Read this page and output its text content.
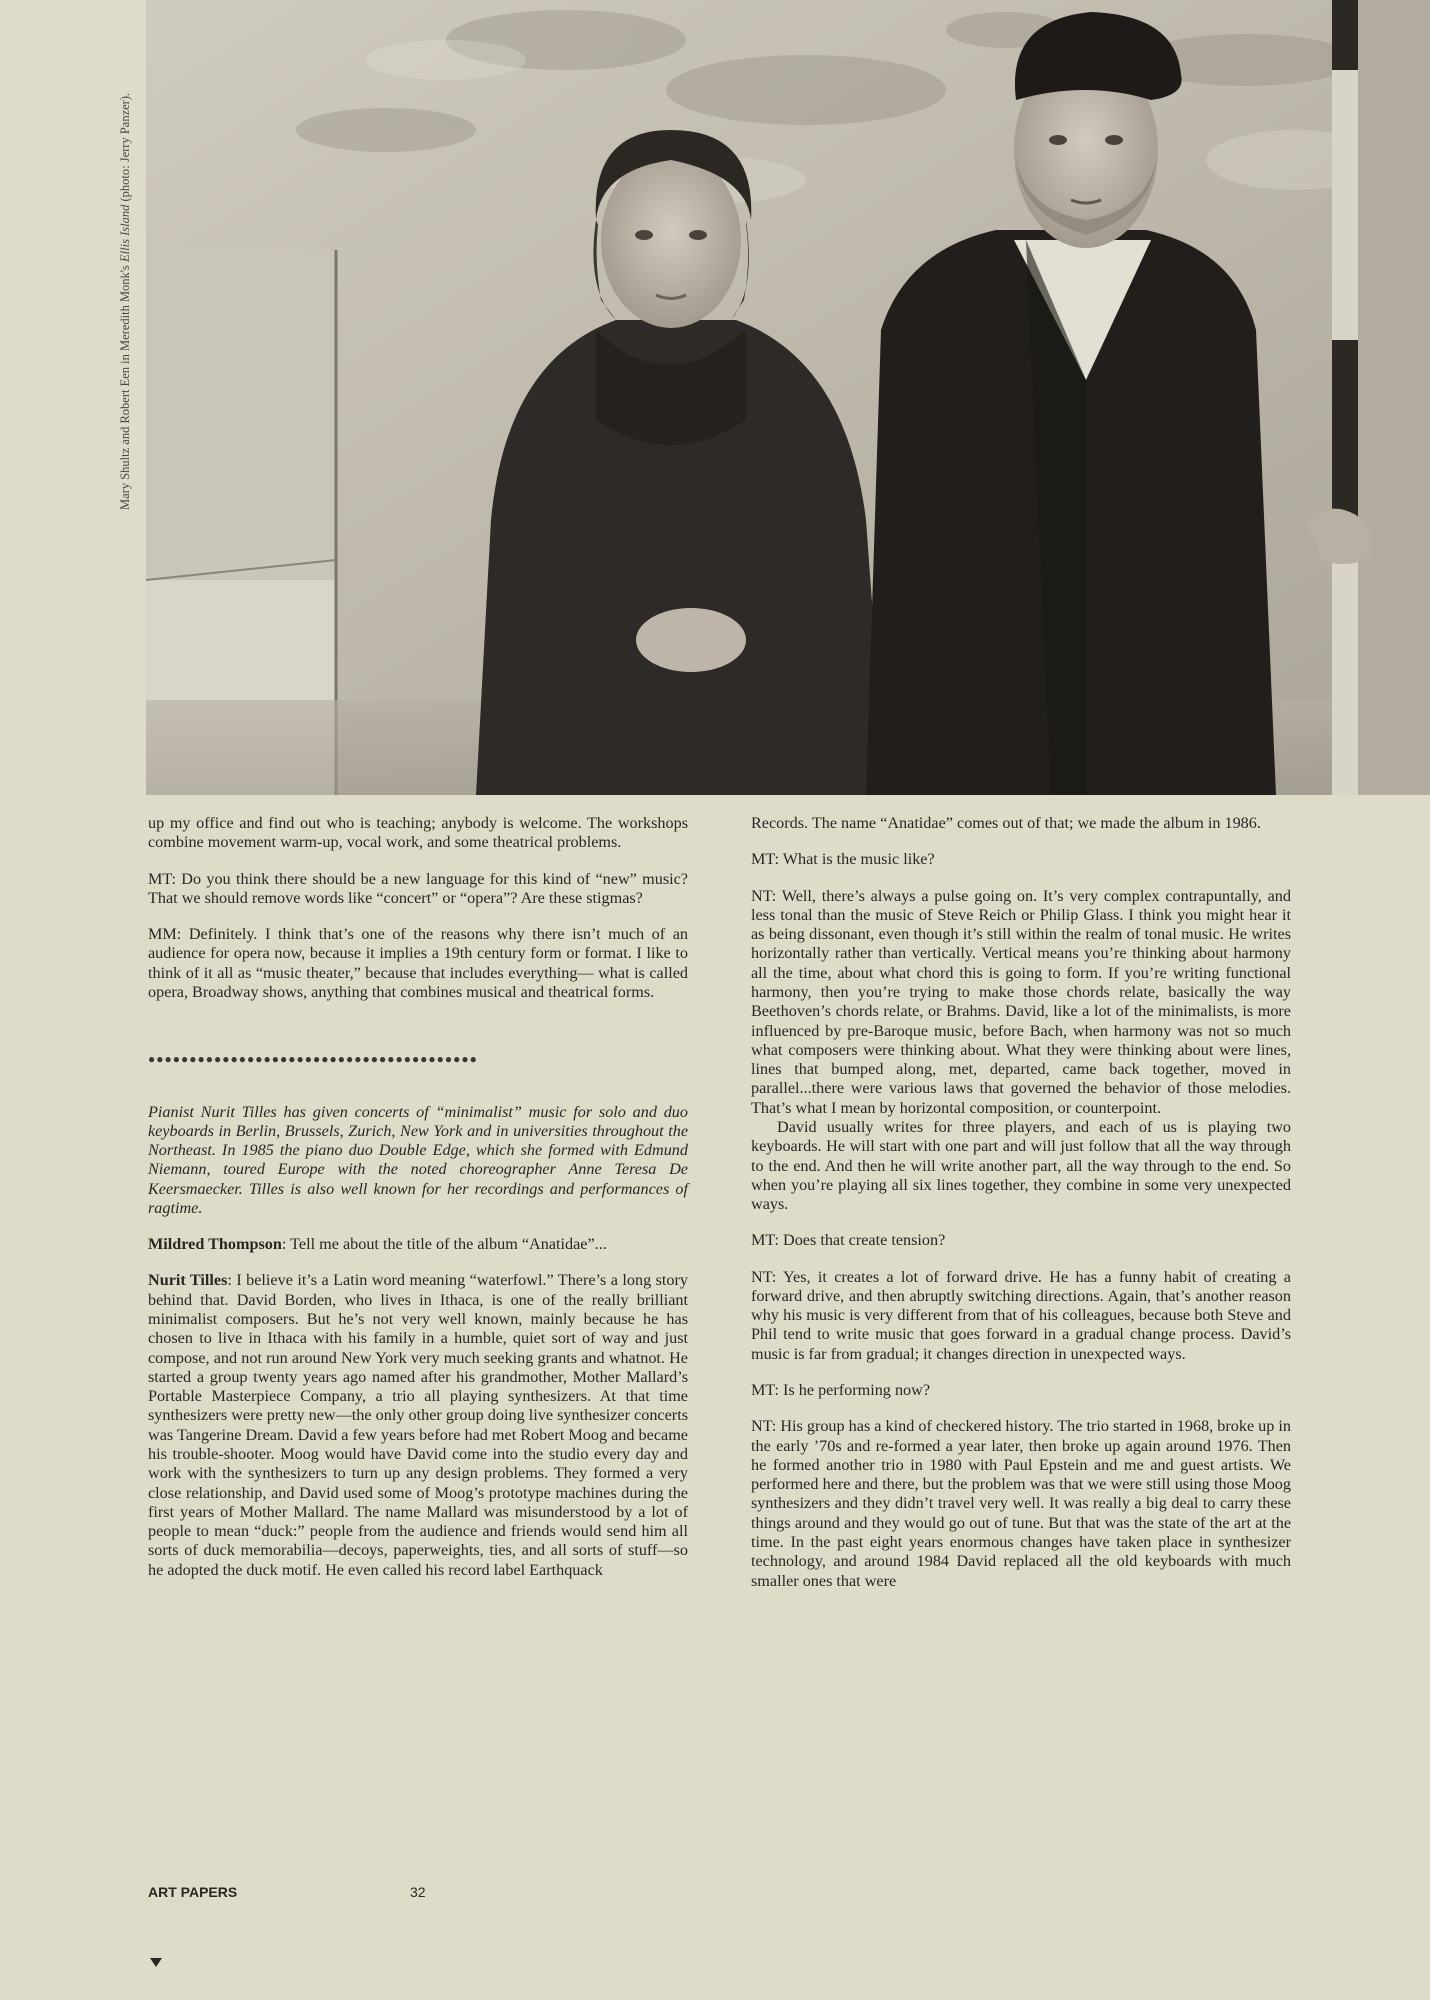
Mary Shultz and Robert Een in Meredith Monk's Ellis Island (photo: Jerry Panzer).

up my office and find out who is teaching; anybody is welcome. The workshops combine movement warm-up, vocal work, and some theatrical problems.

MT: Do you think there should be a new language for this kind of “new” music? That we should remove words like “concert” or “opera”? Are these stigmas?

MM: Definitely. I think that’s one of the reasons why there isn’t much of an audience for opera now, because it implies a 19th century form or format. I like to think of it all as “music theater,” because that includes everything— what is called opera, Broadway shows, anything that combines musical and theatrical forms.

●●●●●●●●●●●●●●●●●●●●●●●●●●●●●●●●●●●●●●●●

Pianist Nurit Tilles has given concerts of “minimalist” music for solo and duo keyboards in Berlin, Brussels, Zurich, New York and in universities throughout the Northeast. In 1985 the piano duo Double Edge, which she formed with Edmund Niemann, toured Europe with the noted choreographer Anne Teresa De Keersmaecker. Tilles is also well known for her recordings and performances of ragtime.

Mildred Thompson: Tell me about the title of the album “Anatidae”...

Nurit Tilles: I believe it’s a Latin word meaning “waterfowl.” There’s a long story behind that. David Borden, who lives in Ithaca, is one of the really brilliant minimalist composers. But he’s not very well known, mainly because he has chosen to live in Ithaca with his family in a humble, quiet sort of way and just compose, and not run around New York very much seeking grants and whatnot. He started a group twenty years ago named after his grandmother, Mother Mallard’s Portable Masterpiece Company, a trio all playing synthesizers. At that time synthesizers were pretty new—the only other group doing live synthesizer concerts was Tangerine Dream. David a few years before had met Robert Moog and became his trouble-shooter. Moog would have David come into the studio every day and work with the synthesizers to turn up any design problems. They formed a very close relationship, and David used some of Moog’s prototype machines during the first years of Mother Mallard. The name Mallard was misunderstood by a lot of people to mean “duck:” people from the audience and friends would send him all sorts of duck memorabilia—decoys, paperweights, ties, and all sorts of stuff—so he adopted the duck motif. He even called his record label Earthquack

Records. The name “Anatidae” comes out of that; we made the album in 1986.

MT: What is the music like?

NT: Well, there’s always a pulse going on. It’s very complex contrapuntally, and less tonal than the music of Steve Reich or Philip Glass. I think you might hear it as being dissonant, even though it’s still within the realm of tonal music. He writes horizontally rather than vertically. Vertical means you’re thinking about harmony all the time, about what chord this is going to form. If you’re writing functional harmony, then you’re trying to make those chords relate, basically the way Beethoven’s chords relate, or Brahms. David, like a lot of the minimalists, is more influenced by pre-Baroque music, before Bach, when harmony was not so much what composers were thinking about. What they were thinking about were lines, lines that bumped along, met, departed, came back together, moved in parallel...there were various laws that governed the behavior of those melodies. That’s what I mean by horizontal composition, or counterpoint.

David usually writes for three players, and each of us is playing two keyboards. He will start with one part and will just follow that all the way through to the end. And then he will write another part, all the way through to the end. So when you’re playing all six lines together, they combine in some very unexpected ways.

MT: Does that create tension?

NT: Yes, it creates a lot of forward drive. He has a funny habit of creating a forward drive, and then abruptly switching directions. Again, that’s another reason why his music is very different from that of his colleagues, because both Steve and Phil tend to write music that goes forward in a gradual change process. David’s music is far from gradual; it changes direction in unexpected ways.

MT: Is he performing now?

NT: His group has a kind of checkered history. The trio started in 1968, broke up in the early ’70s and re-formed a year later, then broke up again around 1976. Then he formed another trio in 1980 with Paul Epstein and me and guest artists. We performed here and there, but the problem was that we were still using those Moog synthesizers and they didn’t travel very well. It was really a big deal to carry these things around and they would go out of tune. But that was the state of the art at the time. In the past eight years enormous changes have taken place in synthesizer technology, and around 1984 David replaced all the old keyboards with much smaller ones that were

ART PAPERS	32
